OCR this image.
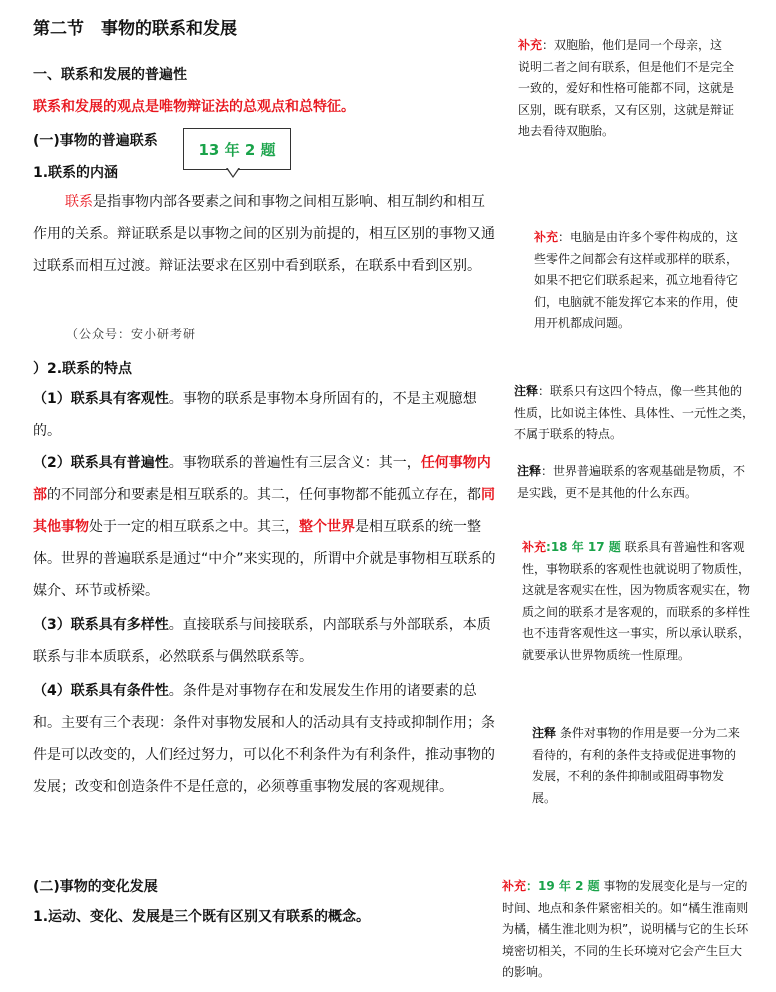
第二节　事物的联系和发展
一、联系和发展的普遍性
联系和发展的观点是唯物辩证法的总观点和总特征。
(一)事物的普遍联系	13 年 2 题
1.联系的内涵
联系是指事物内部各要素之间和事物之间相互影响、相互制约和相互作用的关系。辩证联系是以事物之间的区别为前提的，相互区别的事物又通过联系而相互过渡。辩证法要求在区别中看到联系，在联系中看到区别。
（公众号：安小研考研
）2.联系的特点
（1）联系具有客观性。事物的联系是事物本身所固有的，不是主观臆想的。
（2）联系具有普遍性。事物联系的普遍性有三层含义：其一，任何事物内部的不同部分和要素是相互联系的。其二，任何事物都不能孤立存在，都同其他事物处于一定的相互联系之中。其三，整个世界是相互联系的统一整体。世界的普遍联系是通过“中介”来实现的，所谓中介就是事物相互联系的媒介、环节或桥梁。
（3）联系具有多样性。直接联系与间接联系，内部联系与外部联系，本质联系与非本质联系，必然联系与偶然联系等。
（4）联系具有条件性。条件是对事物存在和发展发生作用的诸要素的总和。主要有三个表现：条件对事物发展和人的活动具有支持或抑制作用；条件是可以改变的，人们经过努力，可以化不利条件为有利条件，推动事物的发展；改变和创造条件不是任意的，必须尊重事物发展的客观规律。
(二)事物的变化发展
1.运动、变化、发展是三个既有区别又有联系的概念。
补充：双胞胎，他们是同一个母亲，这说明二者之间有联系，但是他们不是完全一致的，爱好和性格可能都不同，这就是区别，既有联系，又有区别，这就是辩证地去看待双胞胎。
补充：电脑是由许多个零件构成的，这些零件之间都会有这样或那样的联系，如果不把它们联系起来，孤立地看待它们，电脑就不能发挥它本来的作用，使用开机都成问题。
注释：联系只有这四个特点，像一些其他的性质，比如说主体性、具体性、一元性之类，不属于联系的特点。
注释：世界普遍联系的客观基础是物质，不是实践，更不是其他的什么东西。
补充:18 年 17 题 联系具有普遍性和客观性，事物联系的客观性也就说明了物质性，这就是客观实在性，因为物质客观实在，物质之间的联系才是客观的，而联系的多样性也不违背客观性这一事实，所以承认联系，就要承认世界物质统一性原理。
注释 条件对事物的作用是要一分为二来看待的，有利的条件支持或促进事物的发展，不利的条件抑制或阻碍事物发展。
补充：19 年 2 题 事物的发展变化是与一定的时间、地点和条件紧密相关的。如“橘生淮南则为橘，橘生淮北则为枳”，说明橘与它的生长环境密切相关，不同的生长环境对它会产生巨大的影响。
